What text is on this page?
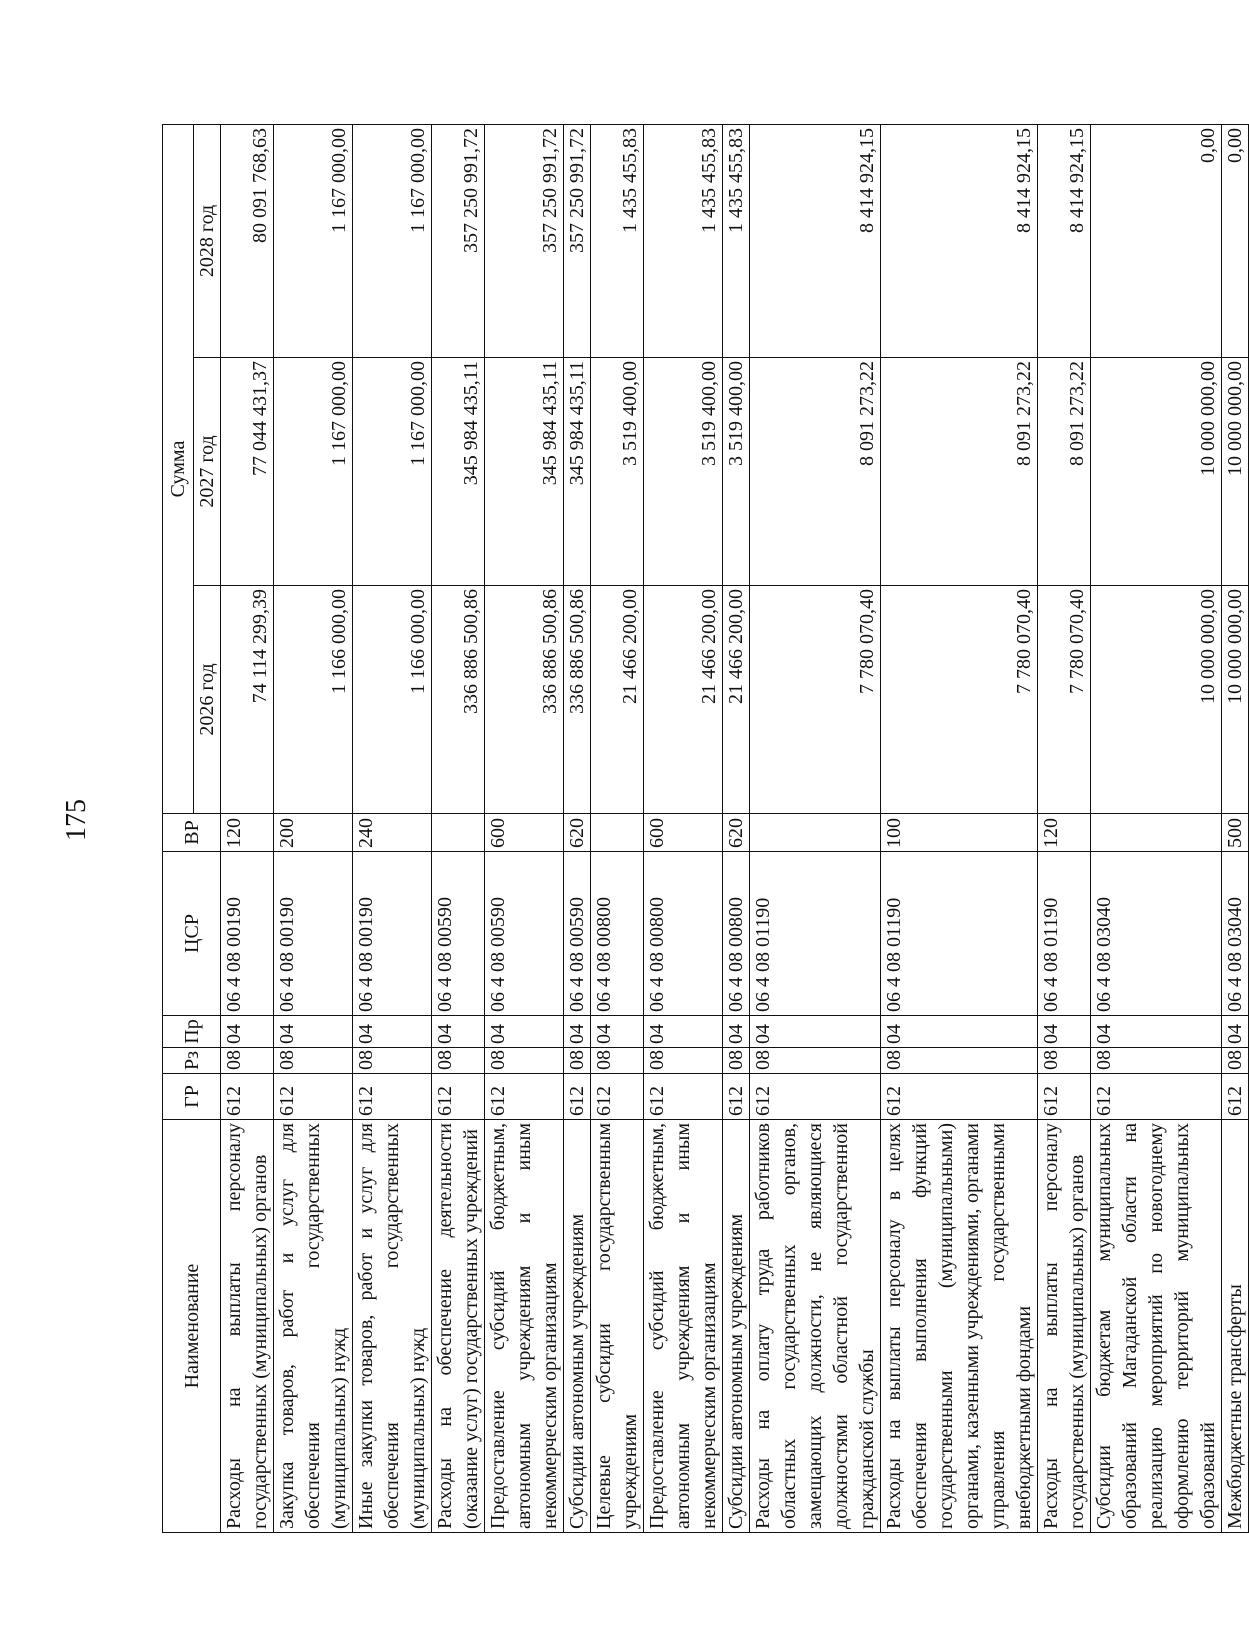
175
Наименование	ГР	Рз	Пр	ЦСР	ВР	Сумма		
						2026 год	2027 год	2028 год
Расходы на выплаты персоналу государственных (муниципальных) органов	612	08	04	06 4 08 00190	120	74 114 299,39	77 044 431,37	80 091 768,63
Закупка товаров, работ и услуг для обеспечения государственных (муниципальных) нужд	612	08	04	06 4 08 00190	200	1 166 000,00	1 167 000,00	1 167 000,00
Иные закупки товаров, работ и услуг для обеспечения государственных (муниципальных) нужд	612	08	04	06 4 08 00190	240	1 166 000,00	1 167 000,00	1 167 000,00
Расходы на обеспечение деятельности (оказание услуг) государственных учреждений	612	08	04	06 4 08 00590		336 886 500,86	345 984 435,11	357 250 991,72
Предоставление субсидий бюджетным, автономным учреждениям и иным некоммерческим организациям	612	08	04	06 4 08 00590	600	336 886 500,86	345 984 435,11	357 250 991,72
Субсидии автономным учреждениям	612	08	04	06 4 08 00590	620	336 886 500,86	345 984 435,11	357 250 991,72
Целевые субсидии государственным учреждениям	612	08	04	06 4 08 00800		21 466 200,00	3 519 400,00	1 435 455,83
Предоставление субсидий бюджетным, автономным учреждениям и иным некоммерческим организациям	612	08	04	06 4 08 00800	600	21 466 200,00	3 519 400,00	1 435 455,83
Субсидии автономным учреждениям	612	08	04	06 4 08 00800	620	21 466 200,00	3 519 400,00	1 435 455,83
Расходы на оплату труда работников областных государственных органов, замещающих должности, не являющиеся должностями областной государственной гражданской службы	612	08	04	06 4 08 01190		7 780 070,40	8 091 273,22	8 414 924,15
Расходы на выплаты персоналу в целях обеспечения выполнения функций государственными (муниципальными) органами, казенными учреждениями, органами управления государственными внебюджетными фондами	612	08	04	06 4 08 01190	100	7 780 070,40	8 091 273,22	8 414 924,15
Расходы на выплаты персоналу государственных (муниципальных) органов	612	08	04	06 4 08 01190	120	7 780 070,40	8 091 273,22	8 414 924,15
Субсидии бюджетам муниципальных образований Магаданской области на реализацию мероприятий по новогоднему оформлению территорий муниципальных образований	612	08	04	06 4 08 03040		10 000 000,00	10 000 000,00	0,00
Межбюджетные трансферты	612	08	04	06 4 08 03040	500	10 000 000,00	10 000 000,00	0,00
